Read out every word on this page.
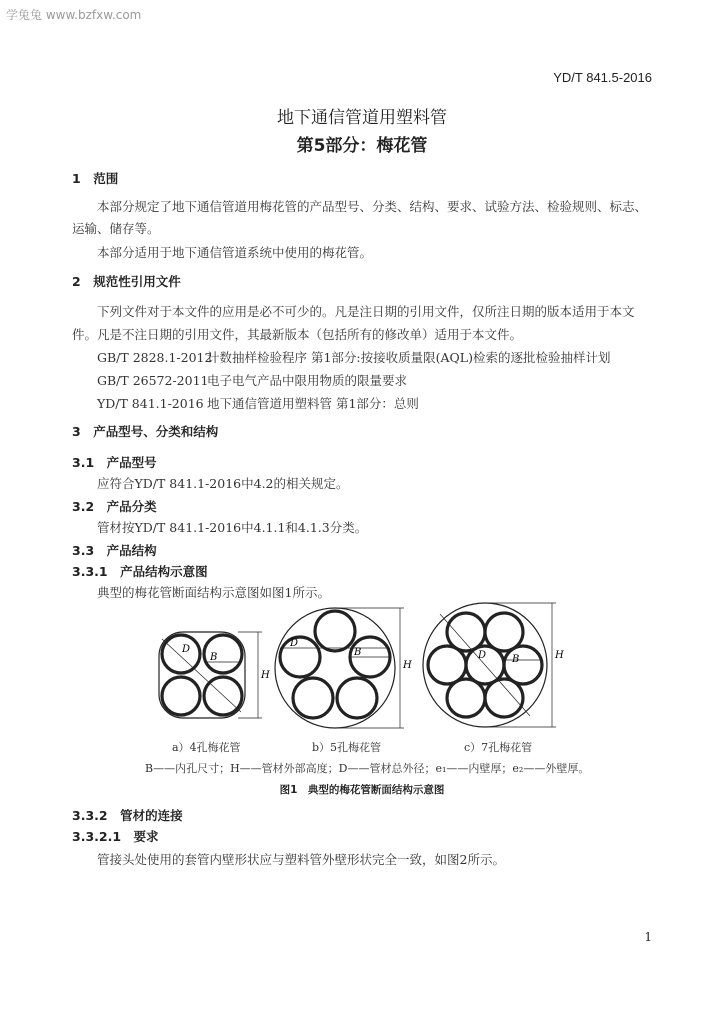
学兔兔 www.bzfxw.com
YD/T 841.5-2016
地下通信管道用塑料管
第5部分：梅花管
1　范围
本部分规定了地下通信管道用梅花管的产品型号、分类、结构、要求、试验方法、检验规则、标志、
运输、储存等。
本部分适用于地下通信管道系统中使用的梅花管。
2　规范性引用文件
下列文件对于本文件的应用是必不可少的。凡是注日期的引用文件，仅所注日期的版本适用于本文
件。凡是不注日期的引用文件，其最新版本（包括所有的修改单）适用于本文件。
GB/T 2828.1-2012计数抽样检验程序 第1部分:按接收质量限(AQL)检索的逐批检验抽样计划
GB/T 26572-2011电子电气产品中限用物质的限量要求
YD/T 841.1-2016 地下通信管道用塑料管 第1部分：总则
3　产品型号、分类和结构
3.1　产品型号
应符合YD/T 841.1-2016中4.2的相关规定。
3.2　产品分类
管材按YD/T 841.1-2016中4.1.1和4.1.3分类。
3.3　产品结构
3.3.1　产品结构示意图
典型的梅花管断面结构示意图如图1所示。
D
B
H
D
B
H
D	B	H
a）4孔梅花管	b）5孔梅花管	c）7孔梅花管
B——内孔尺寸；H——管材外部高度；D——管材总外径；e₁——内壁厚；e₂——外壁厚。
图1　典型的梅花管断面结构示意图
3.3.2　管材的连接
3.3.2.1　要求
管接头处使用的套管内壁形状应与塑料管外壁形状完全一致，如图2所示。
1
